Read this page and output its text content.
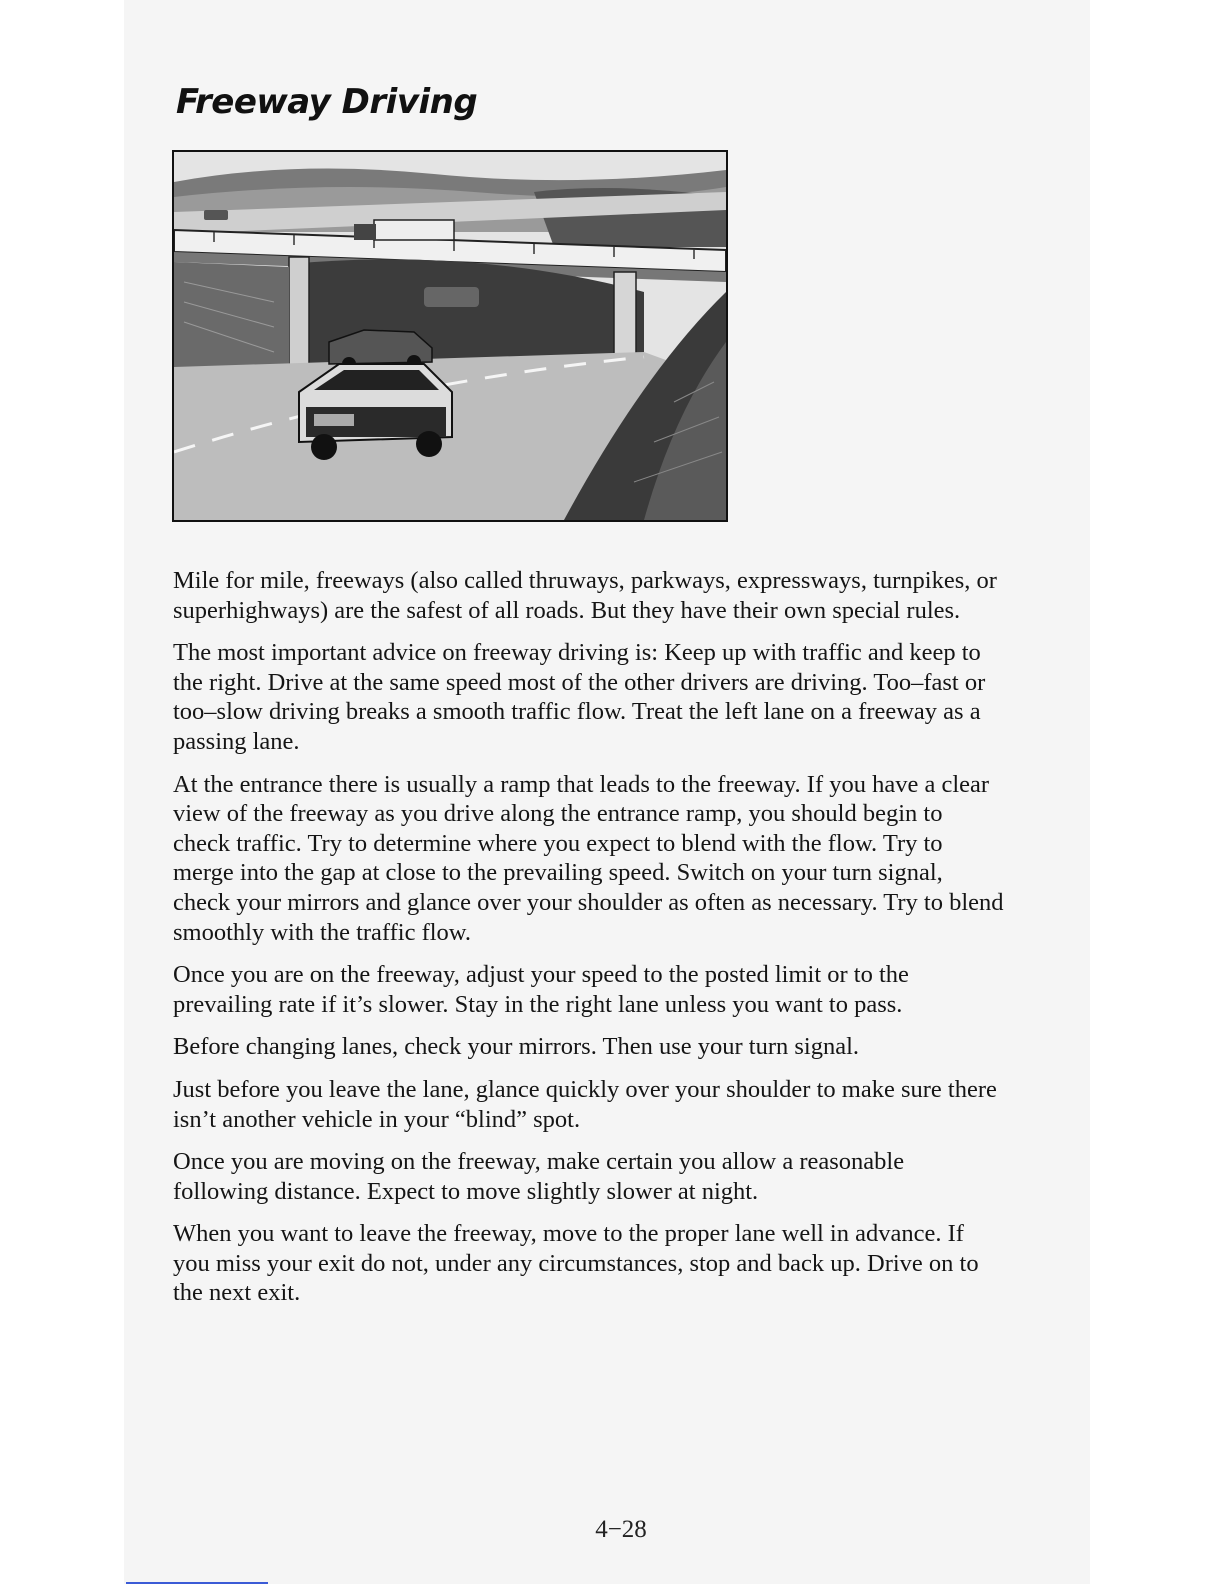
Freeway Driving

Mile for mile, freeways (also called thruways, parkways, expressways, turnpikes, or superhighways) are the safest of all roads. But they have their own special rules.

The most important advice on freeway driving is: Keep up with traffic and keep to the right. Drive at the same speed most of the other drivers are driving. Too–fast or too–slow driving breaks a smooth traffic flow. Treat the left lane on a freeway as a passing lane.

At the entrance there is usually a ramp that leads to the freeway. If you have a clear view of the freeway as you drive along the entrance ramp, you should begin to check traffic. Try to determine where you expect to blend with the flow. Try to merge into the gap at close to the prevailing speed. Switch on your turn signal, check your mirrors and glance over your shoulder as often as necessary. Try to blend smoothly with the traffic flow.

Once you are on the freeway, adjust your speed to the posted limit or to the prevailing rate if it’s slower. Stay in the right lane unless you want to pass.

Before changing lanes, check your mirrors. Then use your turn signal.

Just before you leave the lane, glance quickly over your shoulder to make sure there isn’t another vehicle in your “blind” spot.

Once you are moving on the freeway, make certain you allow a reasonable following distance. Expect to move slightly slower at night.

When you want to leave the freeway, move to the proper lane well in advance. If you miss your exit do not, under any circumstances, stop and back up. Drive on to the next exit.

4−28
